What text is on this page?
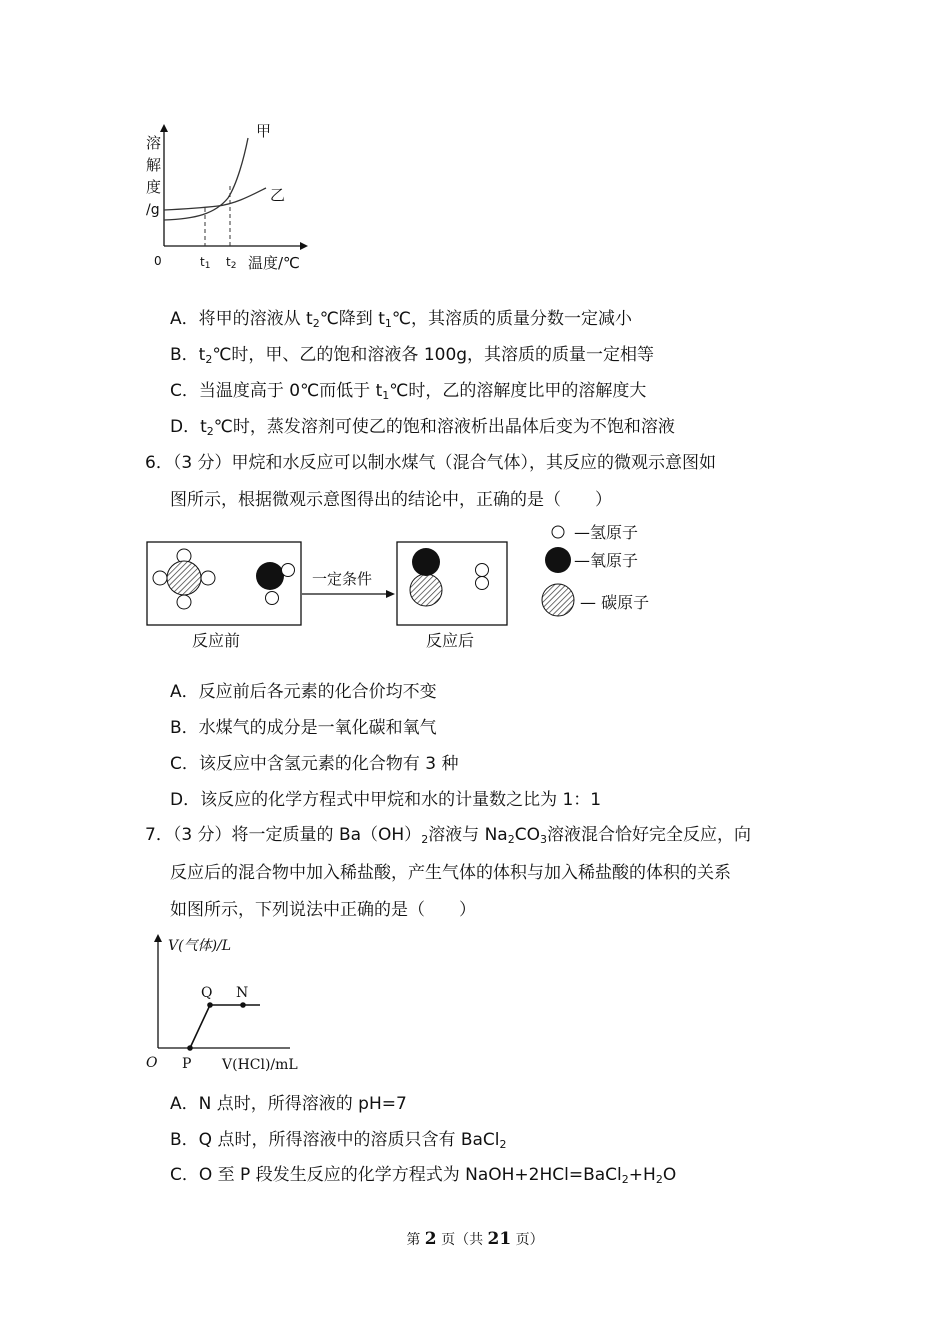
溶
解
度
/g
甲
乙
0	t1 t2 温度/℃
A．将甲的溶液从 $t_2℃$降到 $t_1℃$，其溶质的质量分数一定减小
B．$t_2℃$时，甲、乙的饱和溶液各 100g，其溶质的质量一定相等
C．当温度高于 0℃而低于 $t_1℃$时，乙的溶解度比甲的溶解度大
D．$t_2℃$时，蒸发溶剂可使乙的饱和溶液析出晶体后变为不饱和溶液
6．（3 分）甲烷和水反应可以制水煤气（混合气体），其反应的微观示意图如
图所示，根据微观示意图得出的结论中，正确的是（　　）
一定条件
反应前	反应后
—氢原子
—氧原子
— 碳原子
A．反应前后各元素的化合价均不变
B．水煤气的成分是一氧化碳和氧气
C．该反应中含氢元素的化合物有 3 种
D．该反应的化学方程式中甲烷和水的计量数之比为 1：1
7．（3 分）将一定质量的 $Ba(OH)_2$溶液与 $Na_2CO_3$溶液混合恰好完全反应，向
反应后的混合物中加入稀盐酸，产生气体的体积与加入稀盐酸的体积的关系
如图所示，下列说法中正确的是（　　）
V(气体)/L
V(HCl)/mL
O P
Q N
A．N 点时，所得溶液的 pH=7
B．Q 点时，所得溶液中的溶质只含有 BaCl$_2$
C．O 至 P 段发生反应的化学方程式为 $NaOH+2HCl=BaCl_2+H_2O$
第 2 页（共 21 页）
